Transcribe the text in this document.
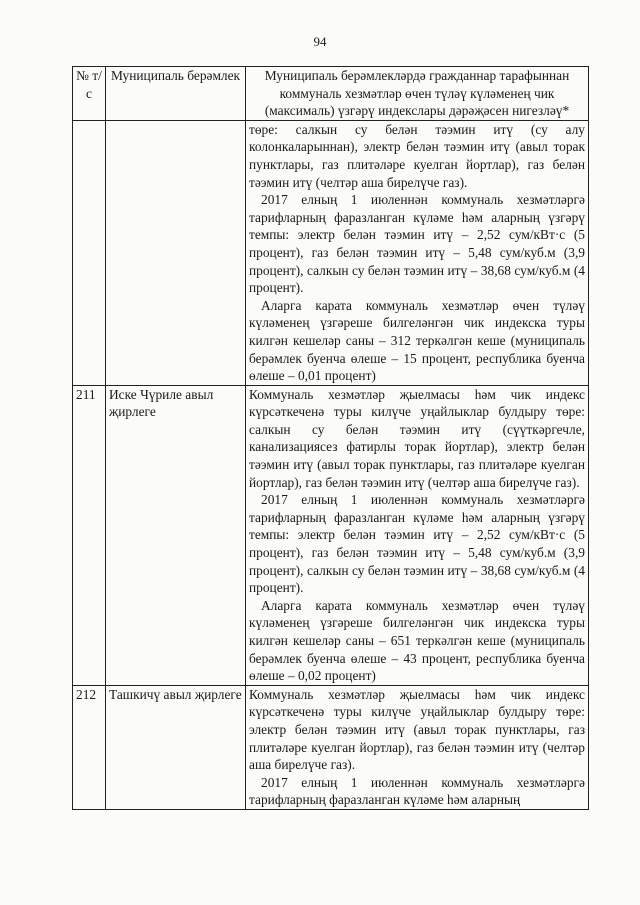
94
№ т/с	Муниципаль берәмлек	Муниципаль берәмлекләрдә гражданнар тарафыннан коммуналь хезмәтләр өчен түләү күләменең чик (максималь) үзгәрү индекслары дәрәҗәсен нигезләү*

		төре: салкын су белән тәэмин итү (су алу колонкаларыннан), электр белән тәэмин итү (авыл торак пунктлары, газ плитәләре куелган йортлар), газ белән тәэмин итү (челтәр аша бирелүче газ).

2017 елның 1 июленнән коммуналь хезмәтләргә тарифларның фаразланган күләме һәм аларның үзгәрү темпы: электр белән тәэмин итү – 2,52 сум/кВт·с (5 процент), газ белән тәэмин итү – 5,48 сум/куб.м (3,9 процент), салкын су белән тәэмин итү – 38,68 сум/куб.м (4 процент).

Аларга карата коммуналь хезмәтләр өчен түләү күләменең үзгәреше билгеләнгән чик индекска туры килгән кешеләр саны – 312 теркәлгән кеше (муниципаль берәмлек буенча өлеше – 15 процент, республика буенча өлеше – 0,01 процент)

211	Иске Чүриле авыл җирлеге	Коммуналь хезмәтләр җыелмасы һәм чик индекс күрсәткеченә туры килүче уңайлыклар булдыру төре: салкын су белән тәэмин итү (сүүткәргечле, канализациясез фатирлы торак йортлар), электр белән тәэмин итү (авыл торак пунктлары, газ плитәләре куелган йортлар), газ белән тәэмин итү (челтәр аша бирелүче газ).

2017 елның 1 июленнән коммуналь хезмәтләргә тарифларның фаразланган күләме һәм аларның үзгәрү темпы: электр белән тәэмин итү – 2,52 сум/кВт·с (5 процент), газ белән тәэмин итү – 5,48 сум/куб.м (3,9 процент), салкын су белән тәэмин итү – 38,68 сум/куб.м (4 процент).

Аларга карата коммуналь хезмәтләр өчен түләү күләменең үзгәреше билгеләнгән чик индекска туры килгән кешеләр саны – 651 теркәлгән кеше (муниципаль берәмлек буенча өлеше – 43 процент, республика буенча өлеше – 0,02 процент)

212	Ташкичү авыл җирлеге	Коммуналь хезмәтләр җыелмасы һәм чик индекс күрсәткеченә туры килүче уңайлыклар булдыру төре: электр белән тәэмин итү (авыл торак пунктлары, газ плитәләре куелган йортлар), газ белән тәэмин итү (челтәр аша бирелүче газ).

2017 елның 1 июленнән коммуналь хезмәтләргә тарифларның фаразланган күләме һәм аларның
